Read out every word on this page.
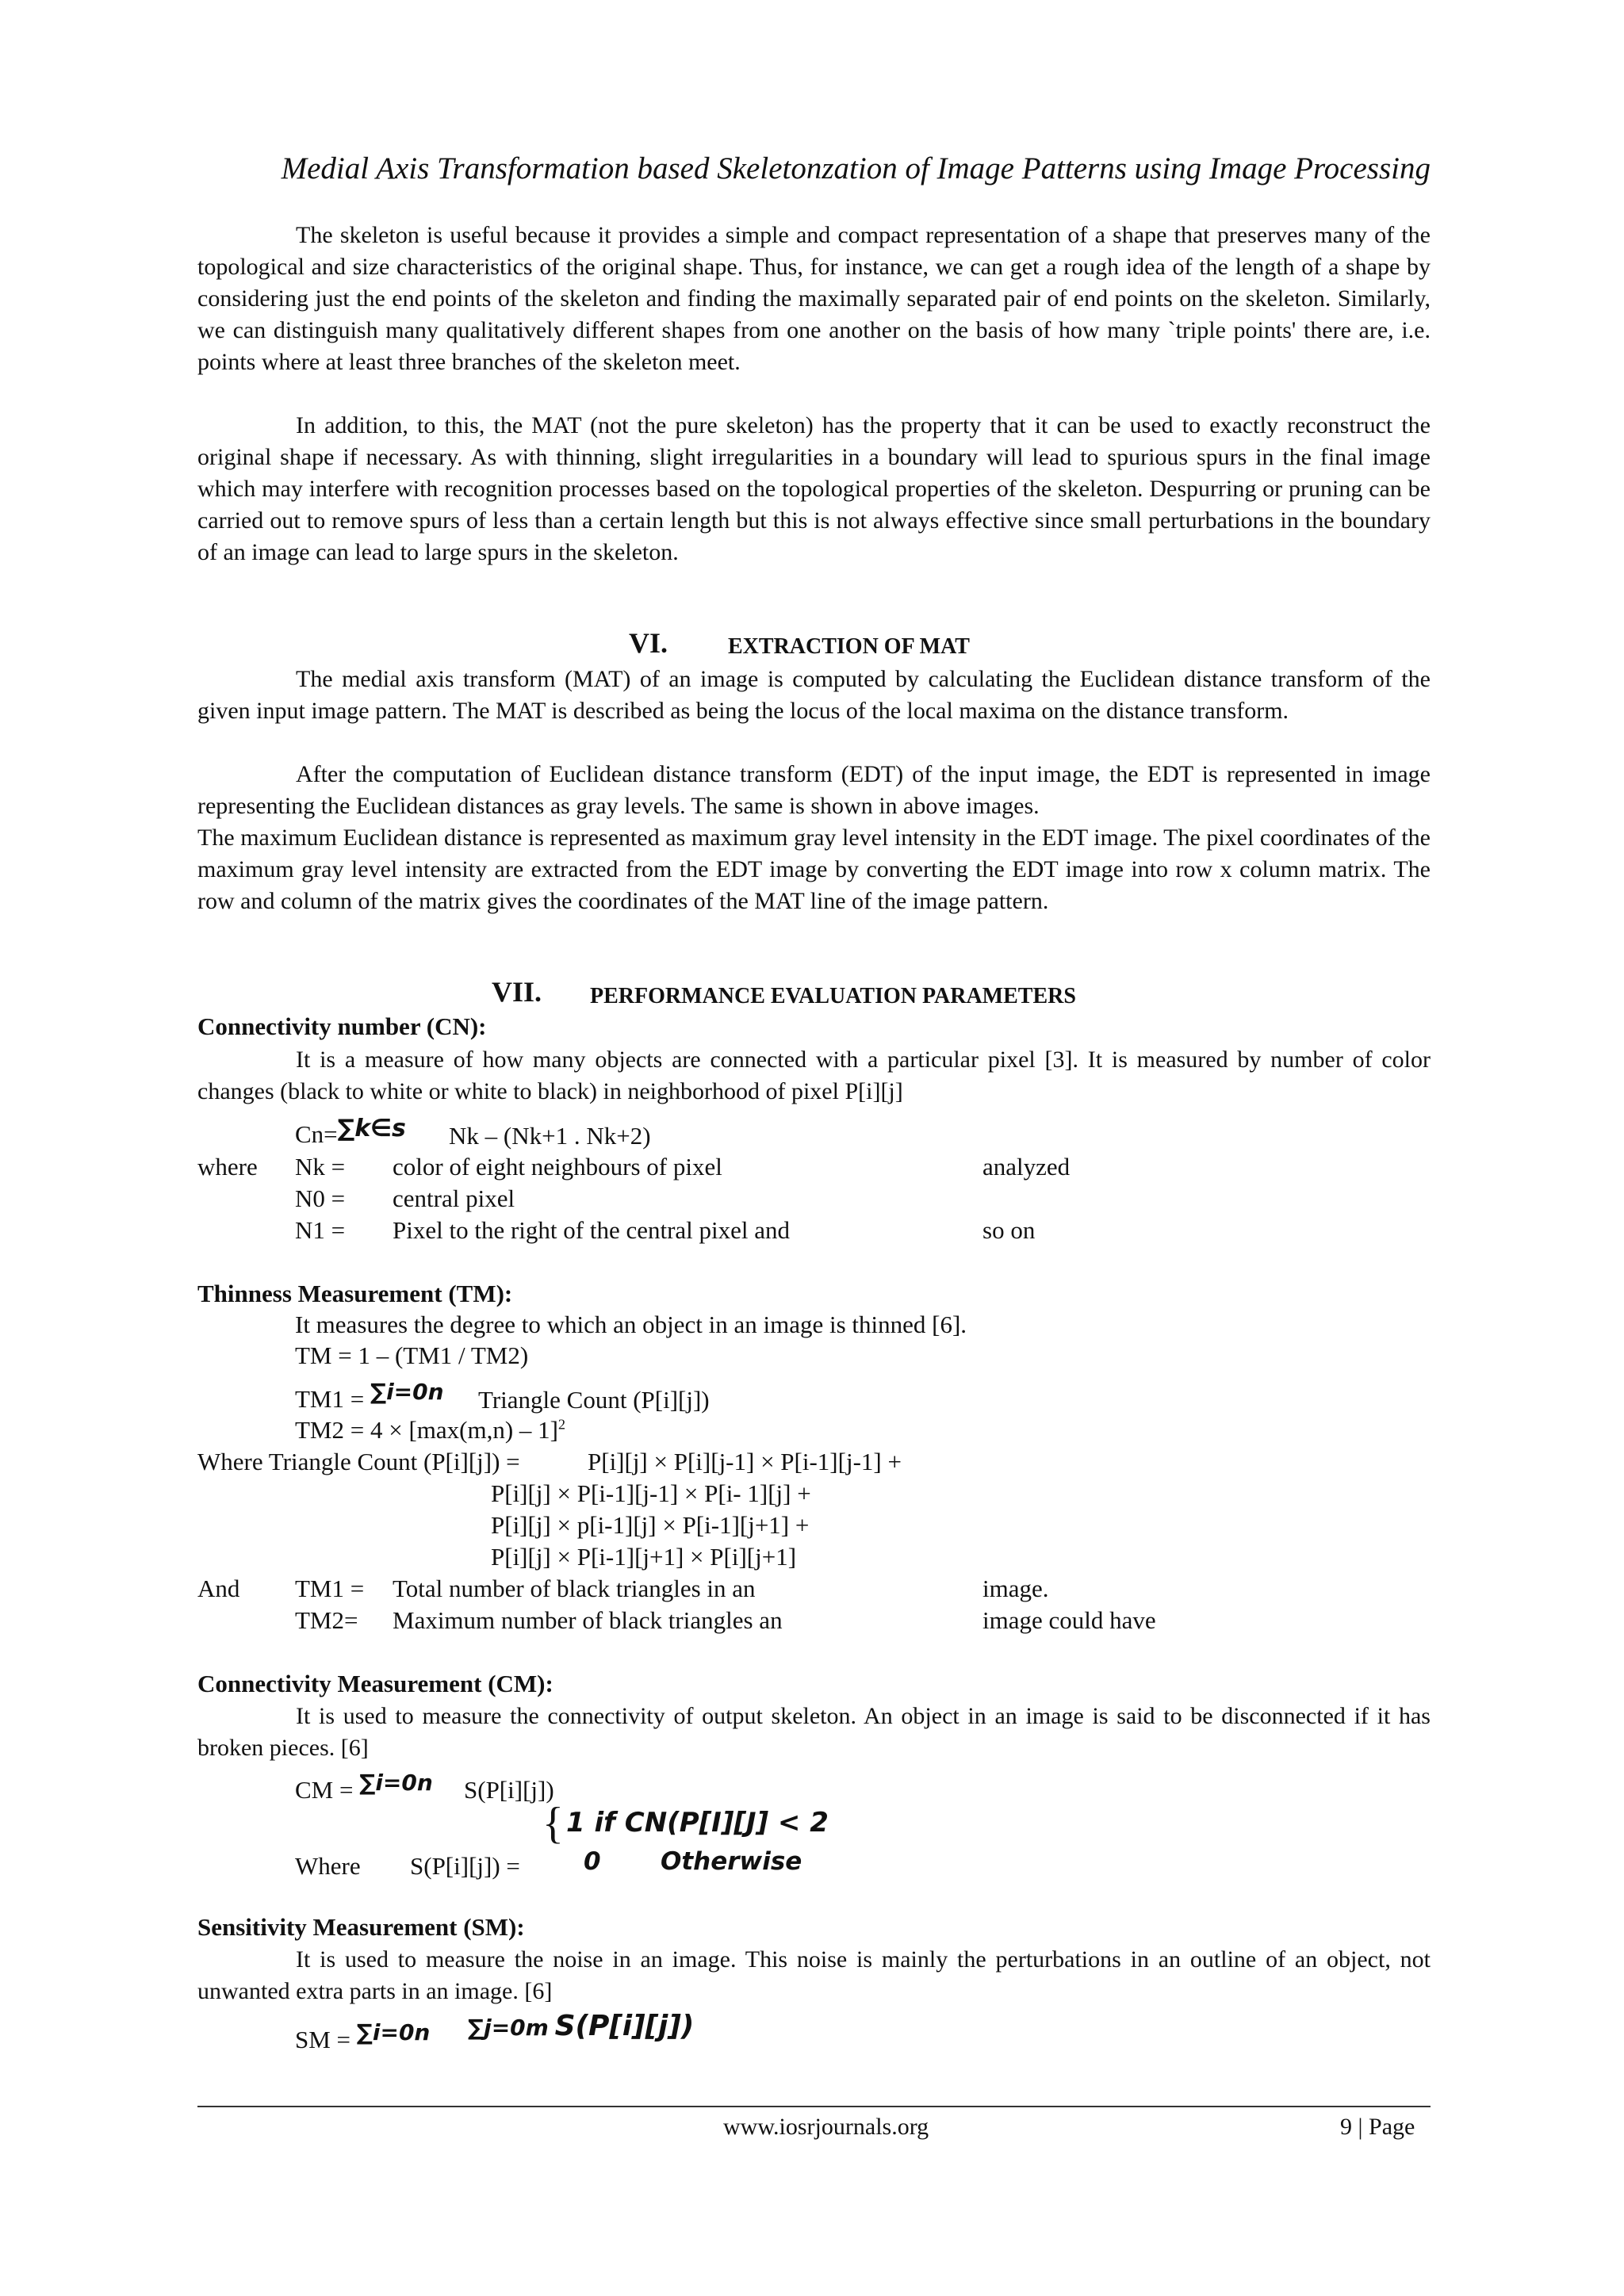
Medial Axis Transformation based Skeletonzation of Image Patterns using Image Processing

The skeleton is useful because it provides a simple and compact representation of a shape that preserves many of the topological and size characteristics of the original shape. Thus, for instance, we can get a rough idea of the length of a shape by considering just the end points of the skeleton and finding the maximally separated pair of end points on the skeleton. Similarly, we can distinguish many qualitatively different shapes from one another on the basis of how many `triple points' there are, i.e. points where at least three branches of the skeleton meet.

In addition, to this, the MAT (not the pure skeleton) has the property that it can be used to exactly reconstruct the original shape if necessary. As with thinning, slight irregularities in a boundary will lead to spurious spurs in the final image which may interfere with recognition processes based on the topological properties of the skeleton. Despurring or pruning can be carried out to remove spurs of less than a certain length but this is not always effective since small perturbations in the boundary of an image can lead to large spurs in the skeleton.

VI.	EXTRACTION OF MAT

The medial axis transform (MAT) of an image is computed by calculating the Euclidean distance transform of the given input image pattern. The MAT is described as being the locus of the local maxima on the distance transform.

After the computation of Euclidean distance transform (EDT) of the input image, the EDT is represented in image representing the Euclidean distances as gray levels. The same is shown in above images.

The maximum Euclidean distance is represented as maximum gray level intensity in the EDT image. The pixel coordinates of the maximum gray level intensity are extracted from the EDT image by converting the EDT image into row x column matrix. The row and column of the matrix gives the coordinates of the MAT line of the image pattern.

VII. PERFORMANCE EVALUATION PARAMETERS
Connectivity number (CN):

It is a measure of how many objects are connected with a particular pixel [3]. It is measured by number of color changes (black to white or white to black) in neighborhood of pixel P[i][j]

Cn=∑k∈s Nk – (Nk+1 . Nk+2)
where Nk = color of eight neighbours of pixel	analyzed
N0 = central pixel
N1 = Pixel to the right of the central pixel and	so on
Thinness Measurement (TM):
It measures the degree to which an object in an image is thinned [6].
TM = 1 – (TM1 / TM2)
TM1 = ∑i=0n Triangle Count (P[i][j])
TM2 = 4 × [max(m,n) – 1]$^2$
Where Triangle Count (P[i][j]) =	P[i][j] × P[i][j-1] × P[i-1][j-1] +
P[i][j] × P[i-1][j-1] × P[i- 1][j] +
P[i][j] × p[i-1][j] × P[i-1][j+1] +
P[i][j] × P[i-1][j+1] × P[i][j+1]
And TM1 = Total number of black triangles in an	image.
TM2= Maximum number of black triangles an	image could have
Connectivity Measurement (CM):

It is used to measure the connectivity of output skeleton. An object in an image is said to be disconnected if it has broken pieces. [6]

CM = ∑i=0n S(P[i][j])
Where S(P[i][j]) =
{ 1 if CN(P[I][J] < 2
0 Otherwise
Sensitivity Measurement (SM):

It is used to measure the noise in an image. This noise is mainly the perturbations in an outline of an object, not unwanted extra parts in an image. [6]

SM = ∑i=0n ∑j=0m S(P[i][j])
www.iosrjournals.org	9 | Page
